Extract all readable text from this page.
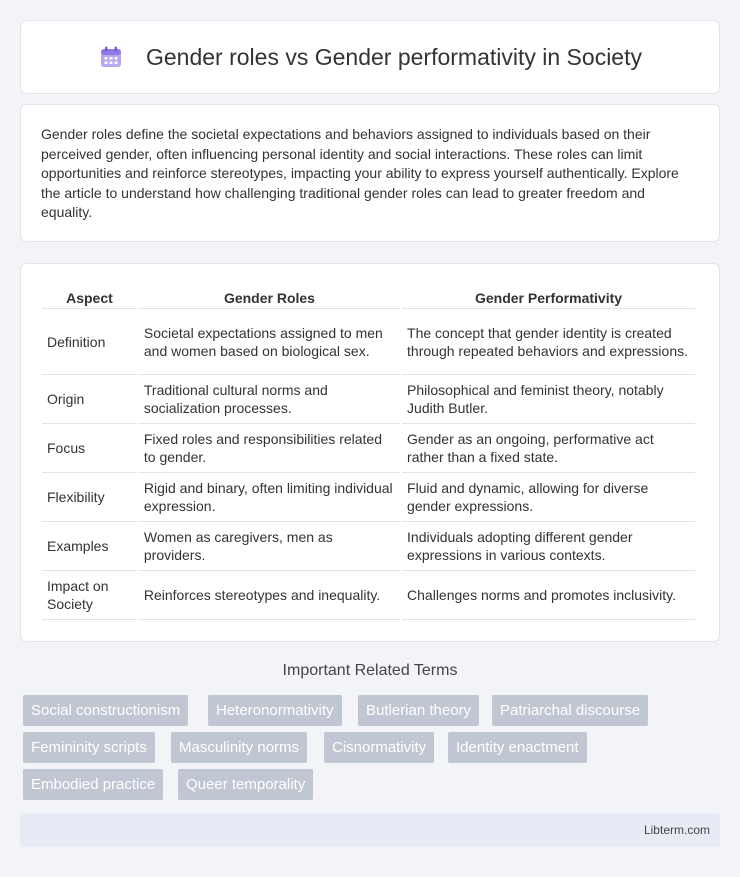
Gender roles vs Gender performativity in Society

Gender roles define the societal expectations and behaviors assigned to individuals based on their perceived gender, often influencing personal identity and social interactions. These roles can limit opportunities and reinforce stereotypes, impacting your ability to express yourself authentically. Explore the article to understand how challenging traditional gender roles can lead to greater freedom and equality.

Aspect	Gender Roles	Gender Performativity
Definition	Societal expectations assigned to men and women based on biological sex.	The concept that gender identity is created through repeated behaviors and expressions.
Origin	Traditional cultural norms and socialization processes.	Philosophical and feminist theory, notably Judith Butler.
Focus	Fixed roles and responsibilities related to gender.	Gender as an ongoing, performative act rather than a fixed state.
Flexibility	Rigid and binary, often limiting individual expression.	Fluid and dynamic, allowing for diverse gender expressions.
Examples	Women as caregivers, men as providers.	Individuals adopting different gender expressions in various contexts.
Impact on Society	Reinforces stereotypes and inequality.	Challenges norms and promotes inclusivity.
Important Related Terms
Social constructionism	Heteronormativity	Butlerian theory	Patriarchal discourse
Femininity scripts	Masculinity norms	Cisnormativity	Identity enactment
Embodied practice	Queer temporality
Libterm.com
